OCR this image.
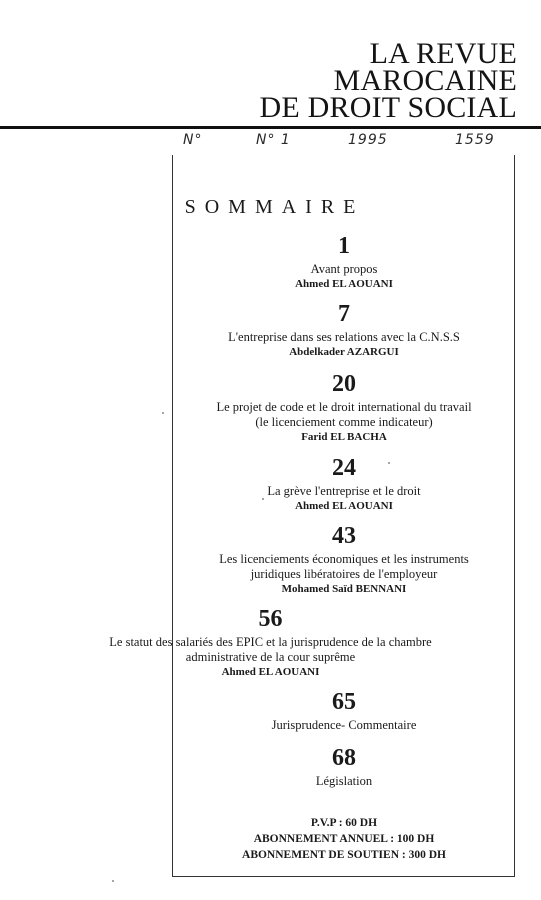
LA REVUE
MAROCAINE
DE DROIT SOCIAL
N°	N° 1	1995	1559
SOMMAIRE
1
Avant propos
Ahmed EL AOUANI
7
L'entreprise dans ses relations avec la C.N.S.S
Abdelkader AZARGUI
20
Le projet de code et le droit international du travail
(le licenciement comme indicateur)
Farid EL BACHA
24
La grève l'entreprise et le droit
Ahmed EL AOUANI
43
Les licenciements économiques et les instruments
juridiques libératoires de l'employeur
Mohamed Saïd BENNANI
56
Le statut des salariés des EPIC et la jurisprudence de la chambre
administrative de la cour suprême
Ahmed EL AOUANI
65
Jurisprudence- Commentaire
68
Législation
P.V.P : 60 DH
ABONNEMENT ANNUEL : 100 DH
ABONNEMENT DE SOUTIEN : 300 DH
